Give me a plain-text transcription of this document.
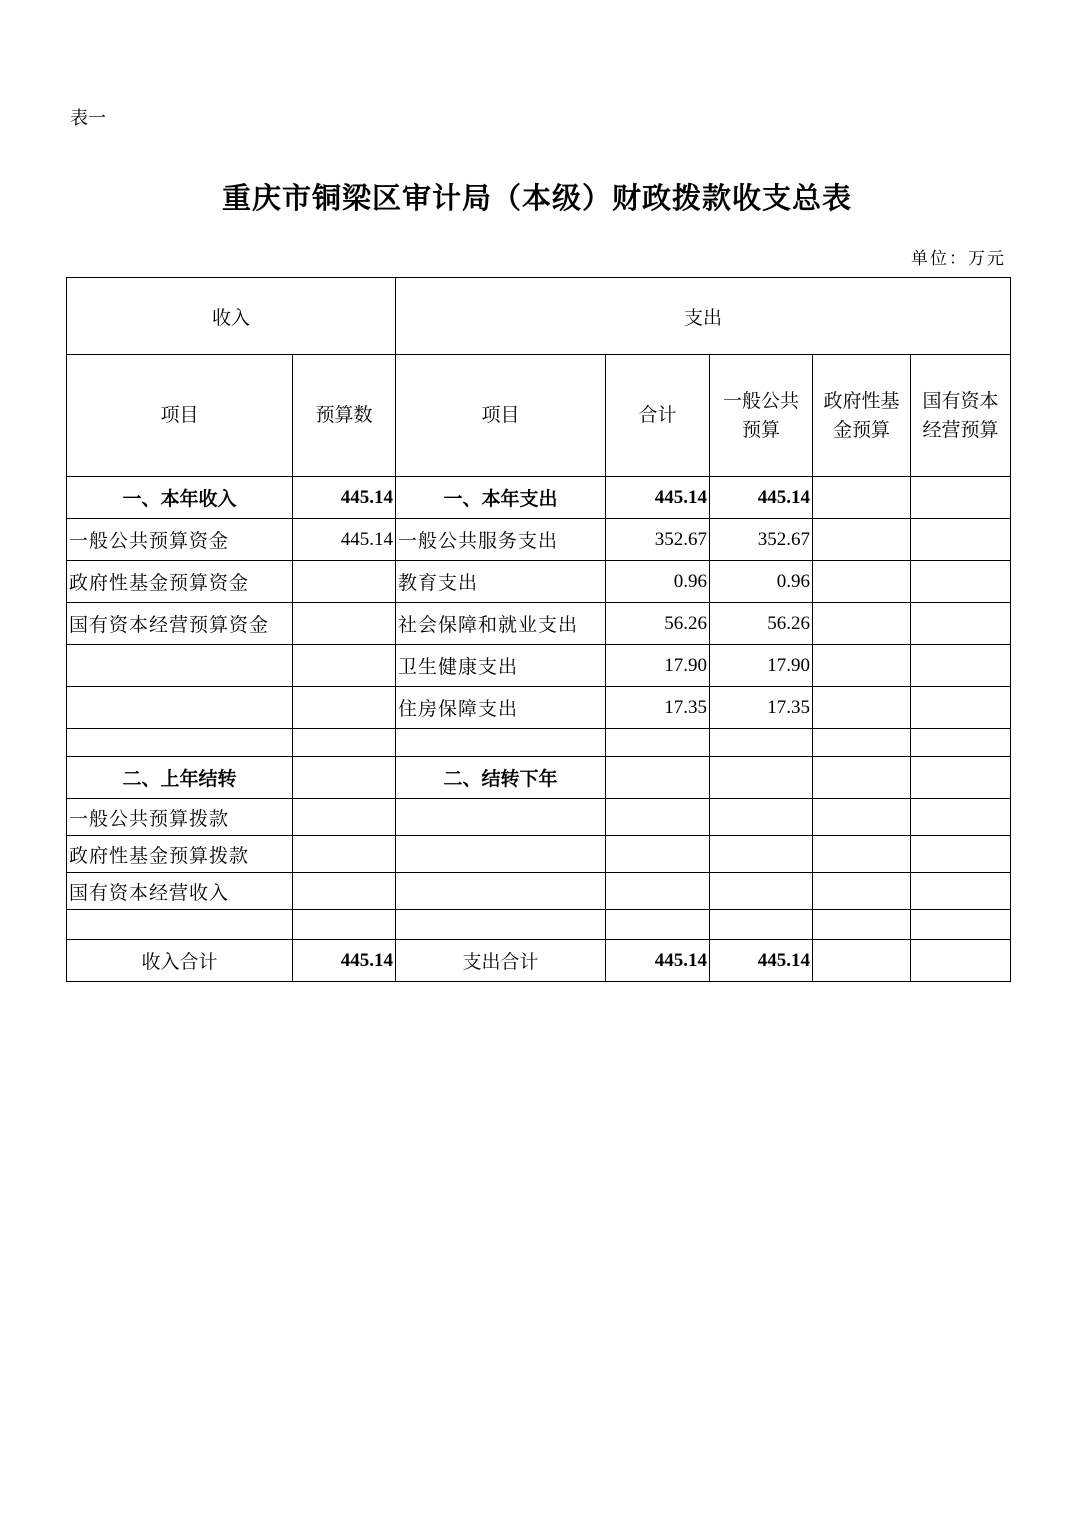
表一
重庆市铜梁区审计局（本级）财政拨款收支总表
单位：万元
收入		支出				
项目	预算数	项目	合计	一般公共预算	政府性基金预算	国有资本经营预算
一、本年收入	445.14	一、本年支出	445.14	445.14		
一般公共预算资金	445.14	一般公共服务支出	352.67	352.67		
政府性基金预算资金		教育支出	0.96	0.96		
国有资本经营预算资金		社会保障和就业支出	56.26	56.26		
		卫生健康支出	17.90	17.90		
		住房保障支出	17.35	17.35		

二、上年结转		二、结转下年				
一般公共预算拨款						
政府性基金预算拨款						
国有资本经营收入						

收入合计	445.14	支出合计	445.14	445.14		
